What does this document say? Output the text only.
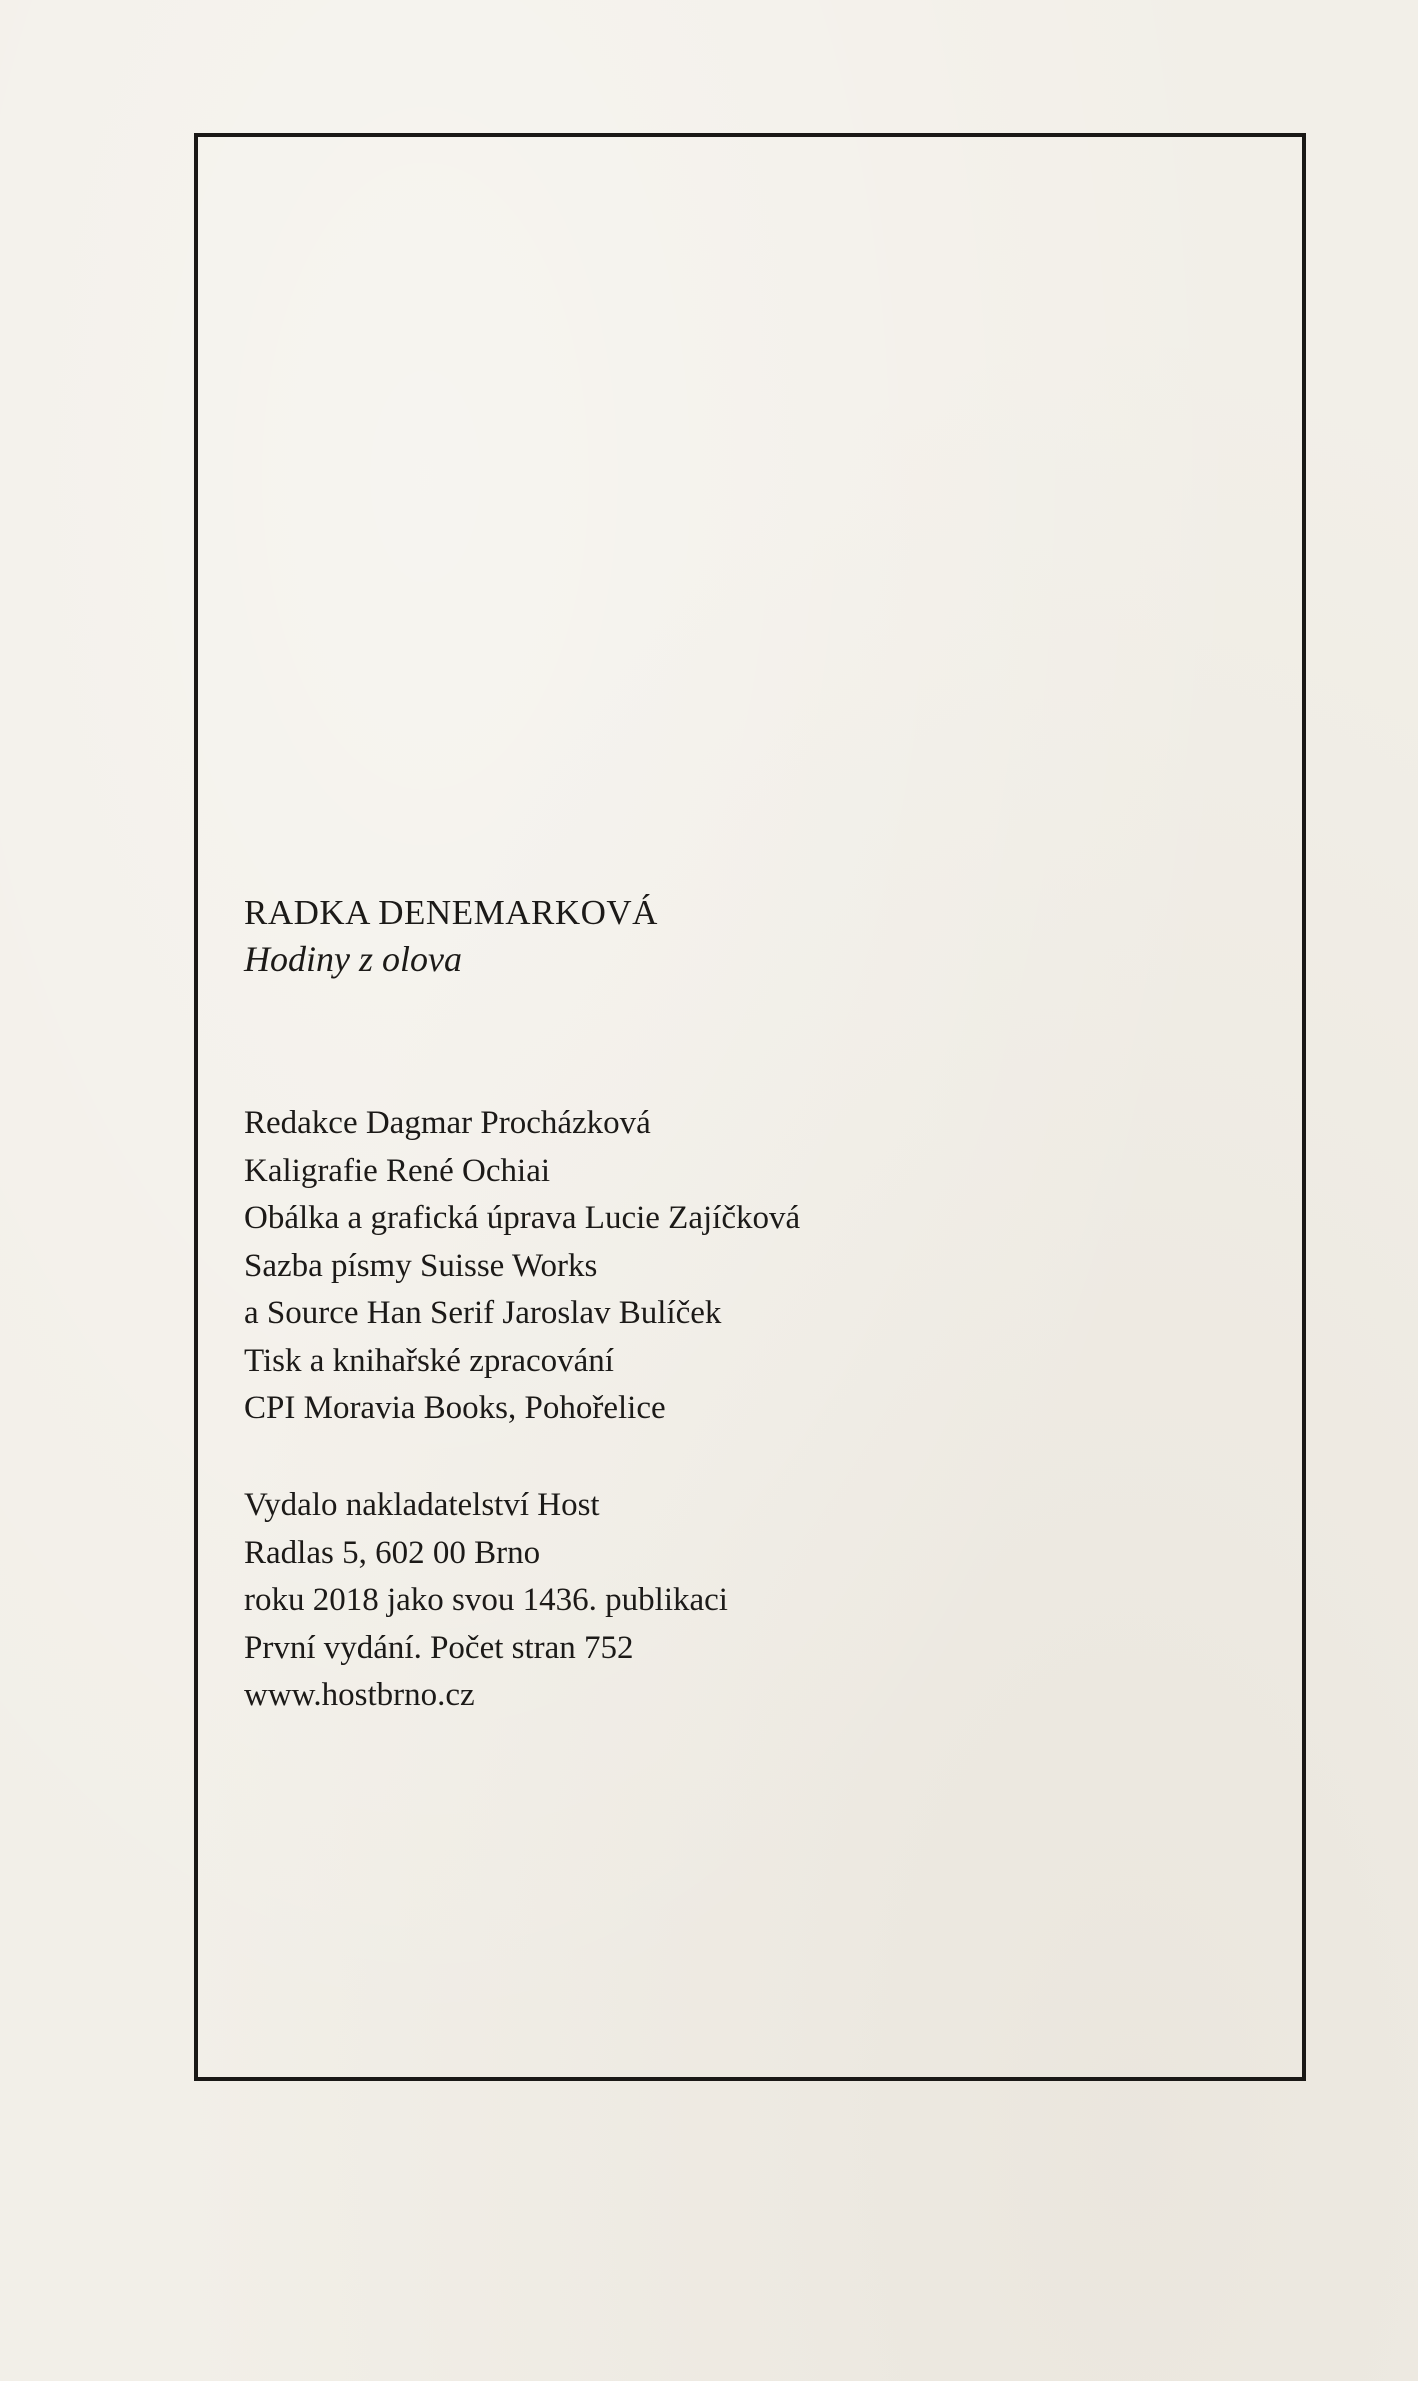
RADKA DENEMARKOVÁ
Hodiny z olova
Redakce Dagmar Procházková
Kaligrafie René Ochiai
Obálka a grafická úprava Lucie Zajíčková
Sazba písmy Suisse Works
a Source Han Serif Jaroslav Bulíček
Tisk a knihařské zpracování
CPI Moravia Books, Pohořelice
Vydalo nakladatelství Host
Radlas 5, 602 00 Brno
roku 2018 jako svou 1436. publikaci
První vydání. Počet stran 752
www.hostbrno.cz
